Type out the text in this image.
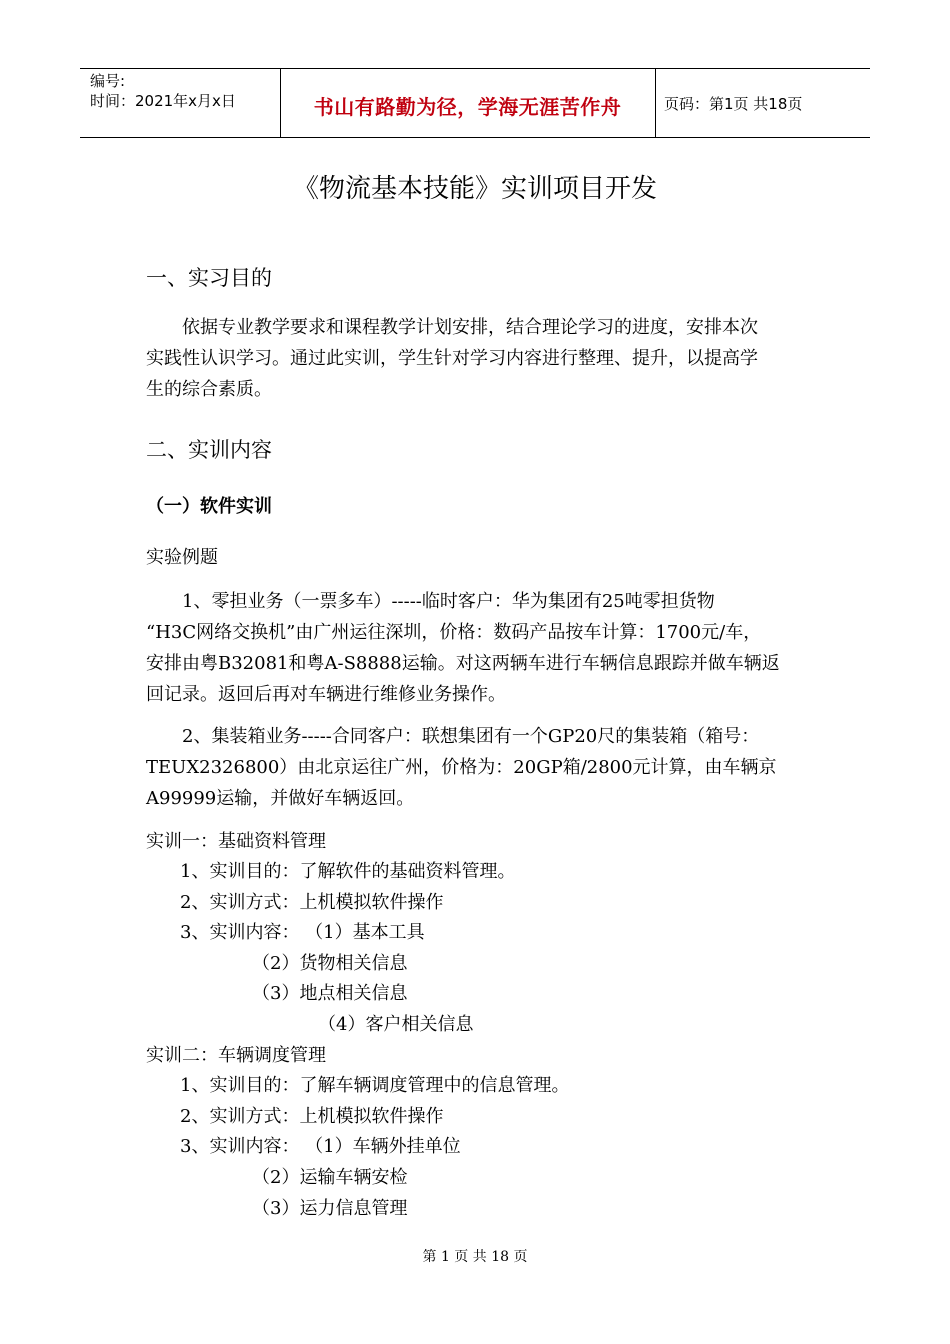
编号:
时间：2021年x月x日	书山有路勤为径，学海无涯苦作舟	页码：第1页 共18页
《物流基本技能》实训项目开发
一、实习目的
依据专业教学要求和课程教学计划安排，结合理论学习的进度，安排本次
实践性认识学习。通过此实训，学生针对学习内容进行整理、提升，以提高学
生的综合素质。
二、实训内容
（一）软件实训
实验例题
1、零担业务（一票多车）-----临时客户：华为集团有25吨零担货物
“H3C网络交换机”由广州运往深圳，价格：数码产品按车计算：1700元/车，
安排由粤B32081和粤A-S8888运输。对这两辆车进行车辆信息跟踪并做车辆返
回记录。返回后再对车辆进行维修业务操作。
2、集装箱业务-----合同客户：联想集团有一个GP20尺的集装箱（箱号：
TEUX2326800）由北京运往广州，价格为：20GP箱/2800元计算，由车辆京
A99999运输，并做好车辆返回。
实训一：基础资料管理
1、实训目的：了解软件的基础资料管理。
2、实训方式：上机模拟软件操作
3、实训内容： （1）基本工具
（2）货物相关信息
（3）地点相关信息
（4）客户相关信息
实训二：车辆调度管理
1、实训目的：了解车辆调度管理中的信息管理。
2、实训方式：上机模拟软件操作
3、实训内容： （1）车辆外挂单位
（2）运输车辆安检
（3）运力信息管理
第 1 页 共 18 页
